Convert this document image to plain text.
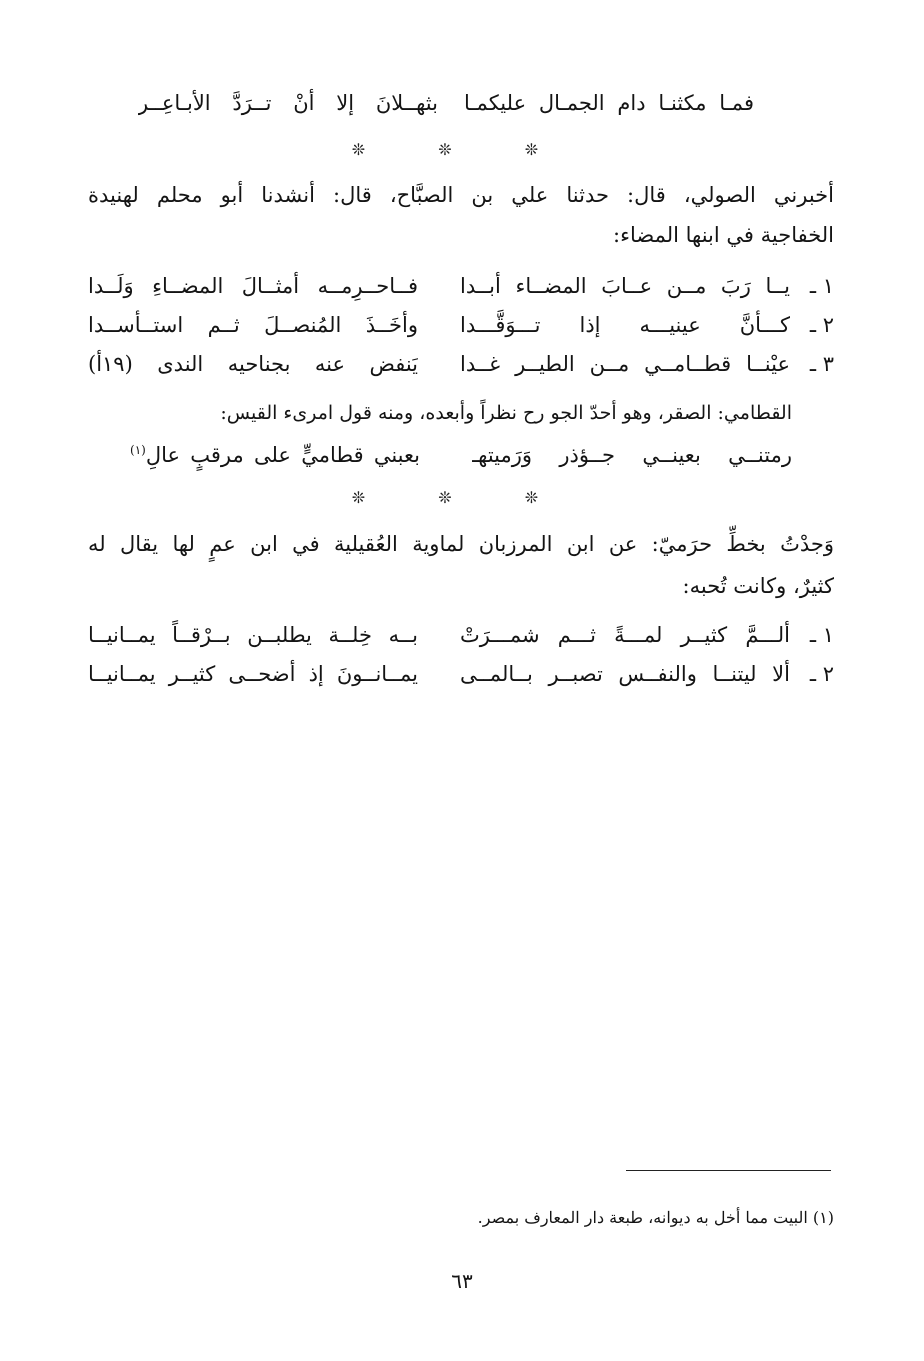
فمـا مكثنـا دام الجمـال عليكمـا
بثهــلانَ إلا أنْ تــرَدَّ الأبـاعِــر
❊ ❊ ❊
أخبرني الصولي، قال: حدثنا علي بن الصبَّاح، قال: أنشدنا أبو محلم لهنيدة
الخفاجية في ابنها المضاء:
١ ـ
يــا رَبَ مــن عــابَ المضــاء أبــدا
فــاحــرِمــه أمثــالَ المضــاءِ وَلَــدا
٢ ـ
كـــأنَّ عينيـــه إذا تـــوَقَّـــدا
وأخَــذَ المُنصــلَ ثــم استــأســدا
٣ ـ
عيْنــا قطــامــي مــن الطيــر غــدا
يَنفض عنه بجناحيه الندى (١٩أ)
القطامي: الصقر، وهو أحدّ الجو رح نظراً وأبعده، ومنه قول امرىء القيس:
رمتنــي بعينــي جــؤذر وَرَميتهـ
بعبني قطاميٍّ على مرقبٍ عالِ$^{(١)}$
❊ ❊ ❊
وَجدْتُ بخطِّ حرَميّ: عن ابن المرزبان لماوية العُقيلية في ابن عمٍ لها يقال له
كثيرٌ، وكانت تُحبه:
١ ـ
ألـــمَّ كثيــر لمـــةً ثـــم شمـــرَتْ
بــه خِلــة يطلبــن بــرْقــاً يمــانيــا
٢ ـ
ألا ليتنــا والنفــس تصبــر بــالمــى
يمــانــونَ إذ أضحــى كثيــر يمــانيــا
(١) البيت مما أخل به ديوانه، طبعة دار المعارف بمصر.
٦٣
